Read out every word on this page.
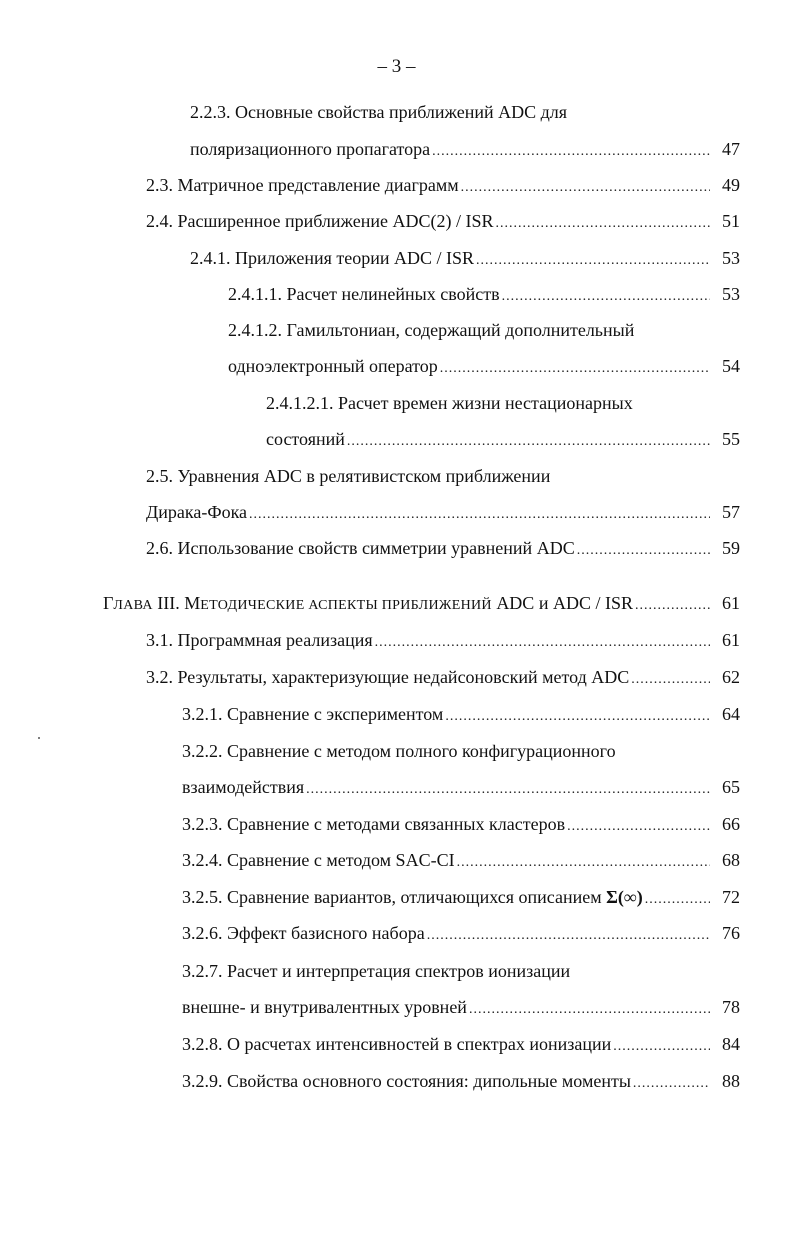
– 3 –
2.2.3. Основные свойства приближений ADC для
поляризационного пропагатора .....	47
2.3. Матричное представление диаграмм .....	49
2.4. Расширенное приближение ADC(2) / ISR .....	51
2.4.1. Приложения теории ADC / ISR .....	53
2.4.1.1. Расчет нелинейных свойств .....	53
2.4.1.2. Гамильтониан, содержащий дополнительный
одноэлектронный оператор .....	54
2.4.1.2.1. Расчет времен жизни нестационарных
состояний .....	55
2.5. Уравнения ADC в релятивистском приближении
Дирака-Фока .....	57
2.6. Использование свойств симметрии уравнений ADC .....	59
ГЛАВА III. МЕТОДИЧЕСКИЕ АСПЕКТЫ ПРИБЛИЖЕНИЙ ADC и ADC / ISR .....	61
3.1. Программная реализация .....	61
3.2. Результаты, характеризующие недайсоновский метод ADC .....	62
3.2.1. Сравнение с экспериментом .....	64
3.2.2. Сравнение с методом полного конфигурационного
взаимодействия .....	65
3.2.3. Сравнение с методами связанных кластеров .....	66
3.2.4. Сравнение с методом SAC-CI .....	68
3.2.5. Сравнение вариантов, отличающихся описанием Σ(∞) .....	72
3.2.6. Эффект базисного набора .....	76
3.2.7. Расчет и интерпретация спектров ионизации
внешне- и внутривалентных уровней .....	78
3.2.8. О расчетах интенсивностей в спектрах ионизации .....	84
3.2.9. Свойства основного состояния: дипольные моменты .....	88
